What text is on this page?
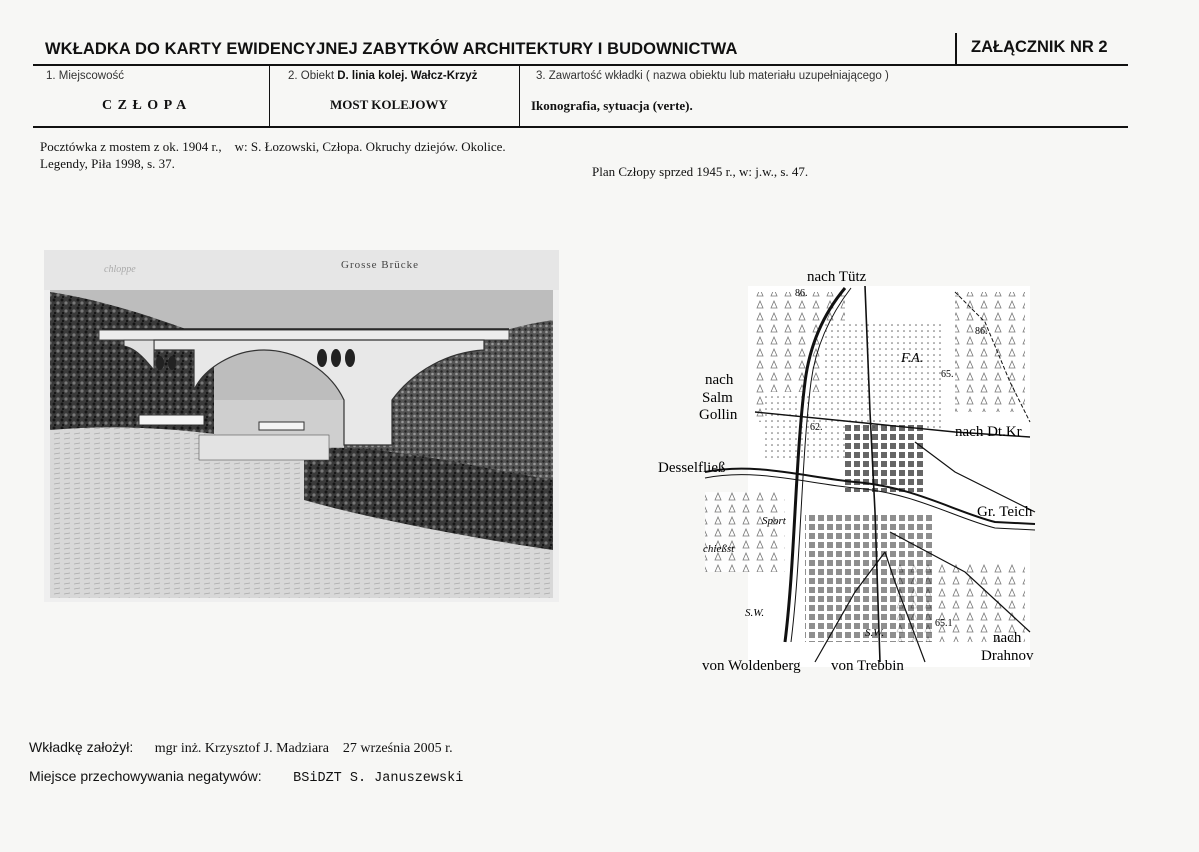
WKŁADKA DO KARTY EWIDENCYJNEJ ZABYTKÓW ARCHITEKTURY I BUDOWNICTWA	ZAŁĄCZNIK NR 2
1. Miejscowość
C Z Ł O P A
2. Obiekt D. linia kolej. Wałcz-Krzyż
MOST KOLEJOWY
3. Zawartość wkładki ( nazwa obiektu lub materiału uzupełniającego )
Ikonografia, sytuacja (verte).
Pocztówka z mostem z ok. 1904 r.,    w: S. Łozowski, Człopa. Okruchy dziejów. Okolice.
Legendy, Piła 1998, s. 37.
Plan Człopy sprzed 1945 r., w: j.w., s. 47.
chloppe	Grosse Brücke
nach Tütz
nach
Salm
Gollin
F.A.
65.
86.
86.
62.
65.1
nach Dt.Kr
Desselfließ
Sport
Gr. Teich
chießst
S.W.
S.W.	nach
Drahnov
von Woldenberg von Trebbin
Wkładkę założył: mgr inż. Krzysztof J. Madziara    27 września 2005 r.
Miejsce przechowywania negatywów: BSiDZT S. Januszewski
